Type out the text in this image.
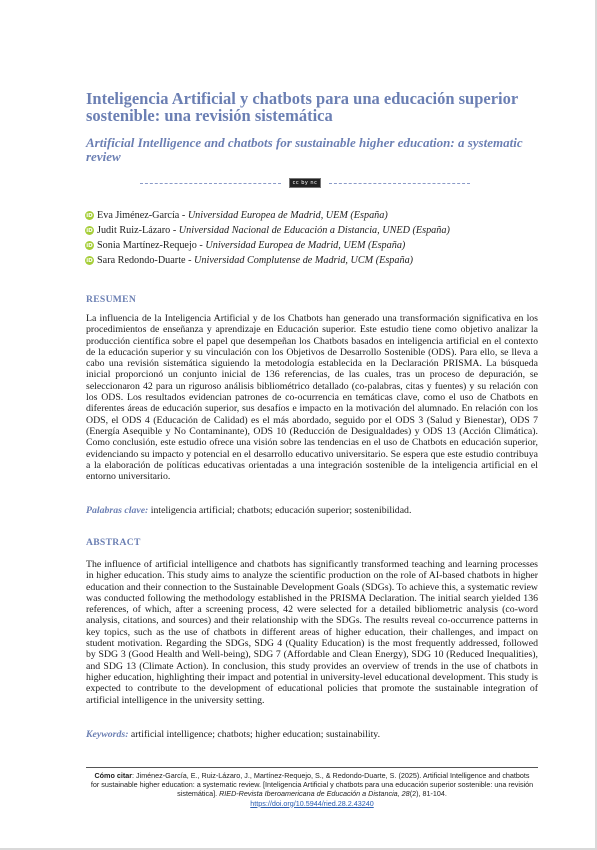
Inteligencia Artificial y chatbots para una educación superior sostenible: una revisión sistemática
Artificial Intelligence and chatbots for sustainable higher education: a systematic review
cc by nc
iD Eva Jiménez-García - Universidad Europea de Madrid, UEM (España)
iD Judit Ruiz-Lázaro - Universidad Nacional de Educación a Distancia, UNED (España)
iD Sonia Martínez-Requejo - Universidad Europea de Madrid, UEM (España)
iD Sara Redondo-Duarte - Universidad Complutense de Madrid, UCM (España)
RESUMEN

La influencia de la Inteligencia Artificial y de los Chatbots han generado una transformación significativa en los procedimientos de enseñanza y aprendizaje en Educación superior. Este estudio tiene como objetivo analizar la producción científica sobre el papel que desempeñan los Chatbots basados en inteligencia artificial en el contexto de la educación superior y su vinculación con los Objetivos de Desarrollo Sostenible (ODS). Para ello, se lleva a cabo una revisión sistemática siguiendo la metodología establecida en la Declaración PRISMA. La búsqueda inicial proporcionó un conjunto inicial de 136 referencias, de las cuales, tras un proceso de depuración, se seleccionaron 42 para un riguroso análisis bibliométrico detallado (co-palabras, citas y fuentes) y su relación con los ODS. Los resultados evidencian patrones de co-ocurrencia en temáticas clave, como el uso de Chatbots en diferentes áreas de educación superior, sus desafíos e impacto en la motivación del alumnado. En relación con los ODS, el ODS 4 (Educación de Calidad) es el más abordado, seguido por el ODS 3 (Salud y Bienestar), ODS 7 (Energía Asequible y No Contaminante), ODS 10 (Reducción de Desigualdades) y ODS 13 (Acción Climática). Como conclusión, este estudio ofrece una visión sobre las tendencias en el uso de Chatbots en educación superior, evidenciando su impacto y potencial en el desarrollo educativo universitario. Se espera que este estudio contribuya a la elaboración de políticas educativas orientadas a una integración sostenible de la inteligencia artificial en el entorno universitario.

Palabras clave: inteligencia artificial; chatbots; educación superior; sostenibilidad.
ABSTRACT

The influence of artificial intelligence and chatbots has significantly transformed teaching and learning processes in higher education. This study aims to analyze the scientific production on the role of AI-based chatbots in higher education and their connection to the Sustainable Development Goals (SDGs). To achieve this, a systematic review was conducted following the methodology established in the PRISMA Declaration. The initial search yielded 136 references, of which, after a screening process, 42 were selected for a detailed bibliometric analysis (co-word analysis, citations, and sources) and their relationship with the SDGs. The results reveal co-occurrence patterns in key topics, such as the use of chatbots in different areas of higher education, their challenges, and impact on student motivation. Regarding the SDGs, SDG 4 (Quality Education) is the most frequently addressed, followed by SDG 3 (Good Health and Well-being), SDG 7 (Affordable and Clean Energy), SDG 10 (Reduced Inequalities), and SDG 13 (Climate Action). In conclusion, this study provides an overview of trends in the use of chatbots in higher education, highlighting their impact and potential in university-level educational development. This study is expected to contribute to the development of educational policies that promote the sustainable integration of artificial intelligence in the university setting.

Keywords: artificial intelligence; chatbots; higher education; sustainability.
Cómo citar: Jiménez-García, E., Ruiz-Lázaro, J., Martínez-Requejo, S., & Redondo-Duarte, S. (2025). Artificial Intelligence and chatbots for sustainable higher education: a systematic review. [Inteligencia Artificial y chatbots para una educación superior sostenible: una revisión sistemática]. RIED-Revista Iberoamericana de Educación a Distancia, 28(2), 81-104.
https://doi.org/10.5944/ried.28.2.43240
